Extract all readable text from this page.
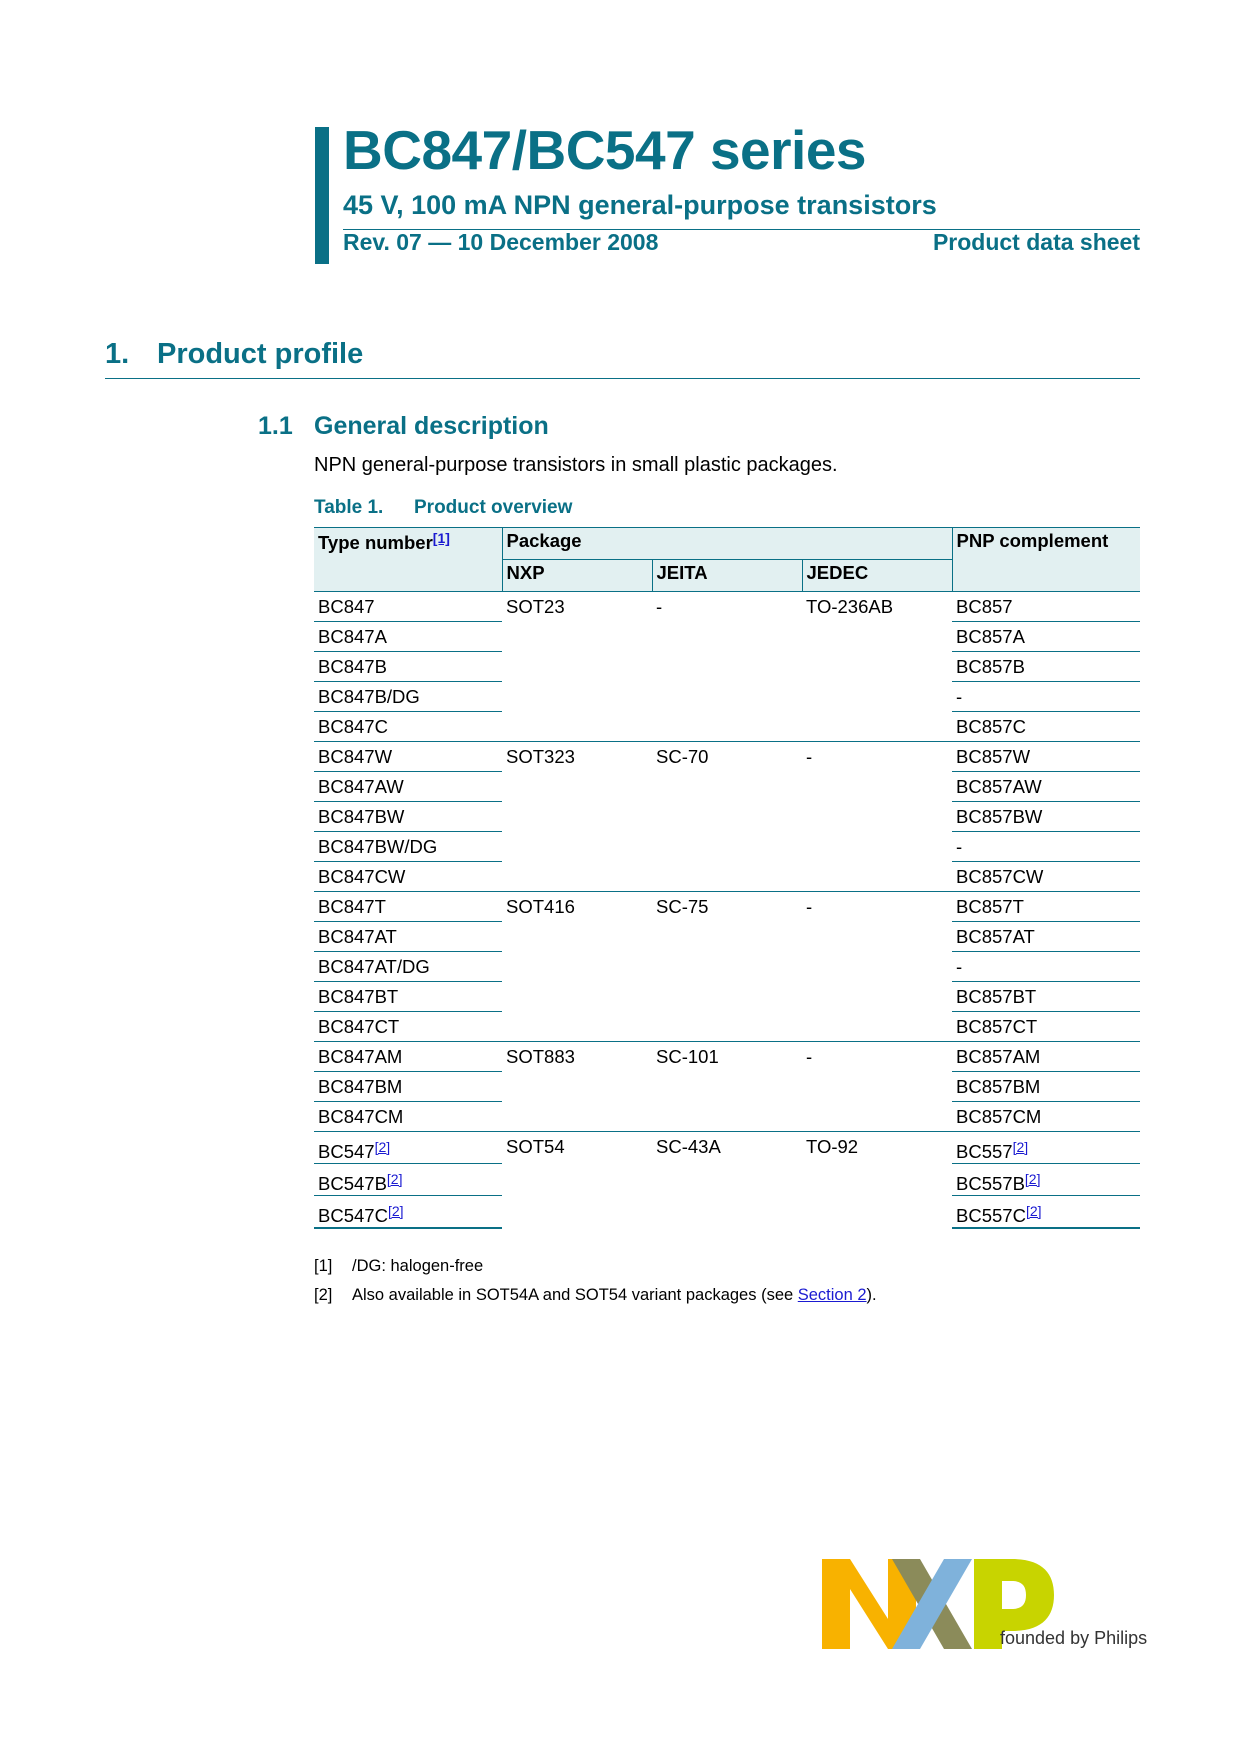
BC847/BC547 series
45 V, 100 mA NPN general-purpose transistors
Rev. 07 — 10 December 2008	Product data sheet
1. Product profile
1.1 General description
NPN general-purpose transistors in small plastic packages.
Table 1. Product overview
Type number[1]	Package			PNP complement
	NXP	JEITA	JEDEC	
BC847	SOT23	-	TO-236AB	BC857
BC847A				BC857A
BC847B				BC857B
BC847B/DG				-
BC847C				BC857C
BC847W	SOT323	SC-70	-	BC857W
BC847AW				BC857AW
BC847BW				BC857BW
BC847BW/DG				-
BC847CW				BC857CW
BC847T	SOT416	SC-75	-	BC857T
BC847AT				BC857AT
BC847AT/DG				-
BC847BT				BC857BT
BC847CT				BC857CT
BC847AM	SOT883	SC-101	-	BC857AM
BC847BM				BC857BM
BC847CM				BC857CM
BC547[2]	SOT54	SC-43A	TO-92	BC557[2]
BC547B[2]				BC557B[2]
BC547C[2]				BC557C[2]
[1] /DG: halogen-free
[2] Also available in SOT54A and SOT54 variant packages (see Section 2).
founded by Philips
